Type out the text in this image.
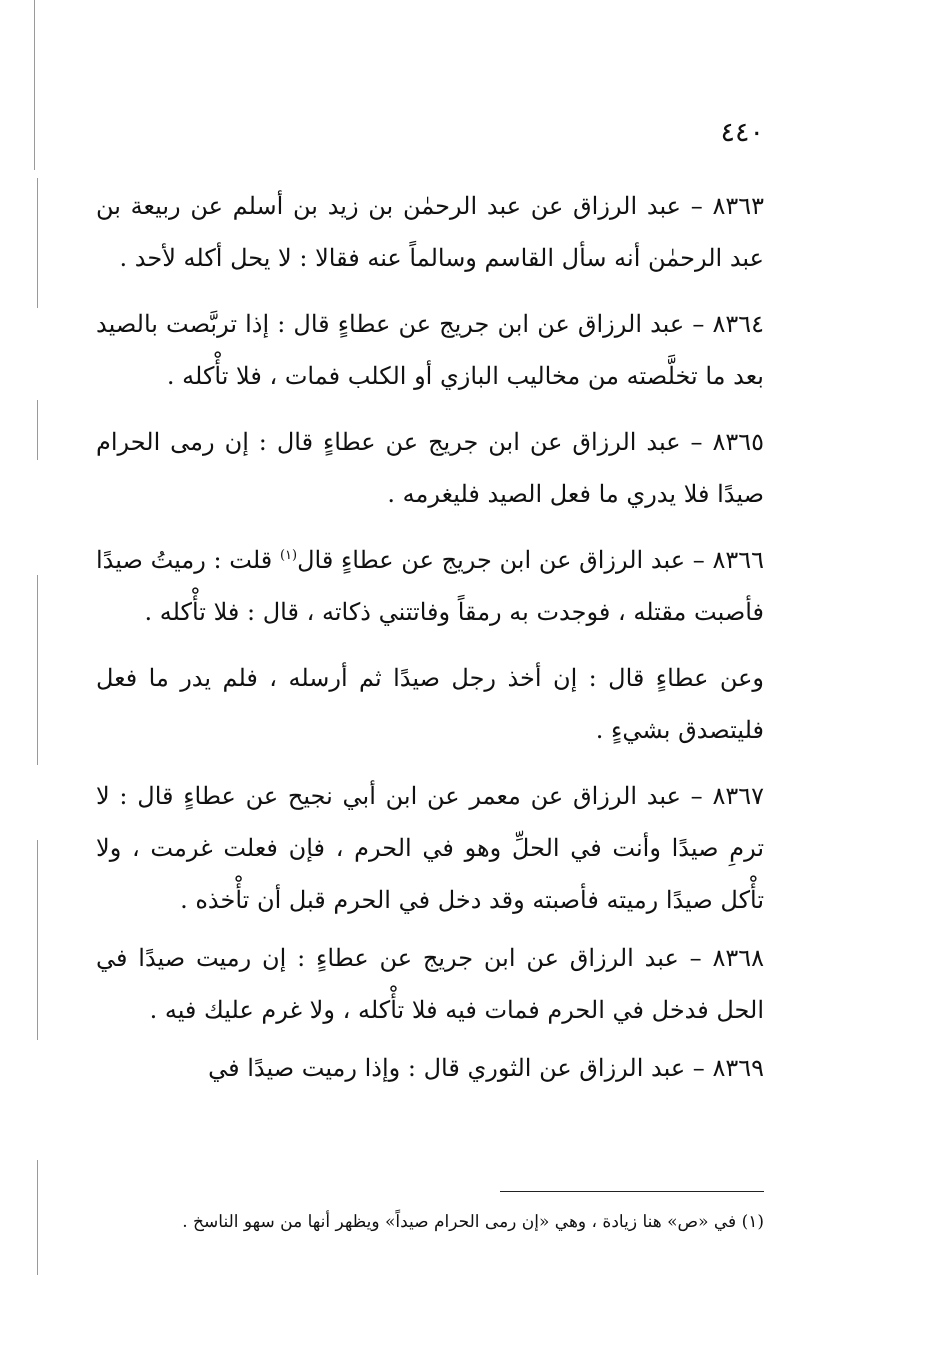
٤٤٠

٨٣٦٣ – عبد الرزاق عن عبد الرحمٰن بن زيد بن أسلم عن ربيعة بن عبد الرحمٰن أنه سأل القاسم وسالماً عنه فقالا : لا يحل أكله لأحد .

٨٣٦٤ – عبد الرزاق عن ابن جريج عن عطاءٍ قال : إذا تربَّصت بالصيد بعد ما تخلَّصته من مخاليب البازي أو الكلب فمات ، فلا تأْكله .

٨٣٦٥ – عبد الرزاق عن ابن جريج عن عطاءٍ قال : إن رمى الحرام صيدًا فلا يدري ما فعل الصيد فليغرمه .

٨٣٦٦ – عبد الرزاق عن ابن جريج عن عطاءٍ قال$^{(١)}$ قلت : رميتُ صيدًا فأصبت مقتله ، فوجدت به رمقاً وفاتتني ذكاته ، قال : فلا تأْكله .

وعن عطاءٍ قال : إن أخذ رجل صيدًا ثم أرسله ، فلم يدر ما فعل فليتصدق بشيءٍ .

٨٣٦٧ – عبد الرزاق عن معمر عن ابن أبي نجيح عن عطاءٍ قال : لا ترمِ صيدًا وأنت في الحلِّ وهو في الحرم ، فإن فعلت غرمت ، ولا تأْكل صيدًا رميته فأصبته وقد دخل في الحرم قبل أن تأْخذه .

٨٣٦٨ – عبد الرزاق عن ابن جريج عن عطاءٍ : إن رميت صيدًا في الحل فدخل في الحرم فمات فيه فلا تأْكله ، ولا غرم عليك فيه .

٨٣٦٩ – عبد الرزاق عن الثوري قال : وإذا رميت صيدًا في

(١) في «ص» هنا زيادة ، وهي «إن رمى الحرام صيداً» ويظهر أنها من سهو الناسخ .
